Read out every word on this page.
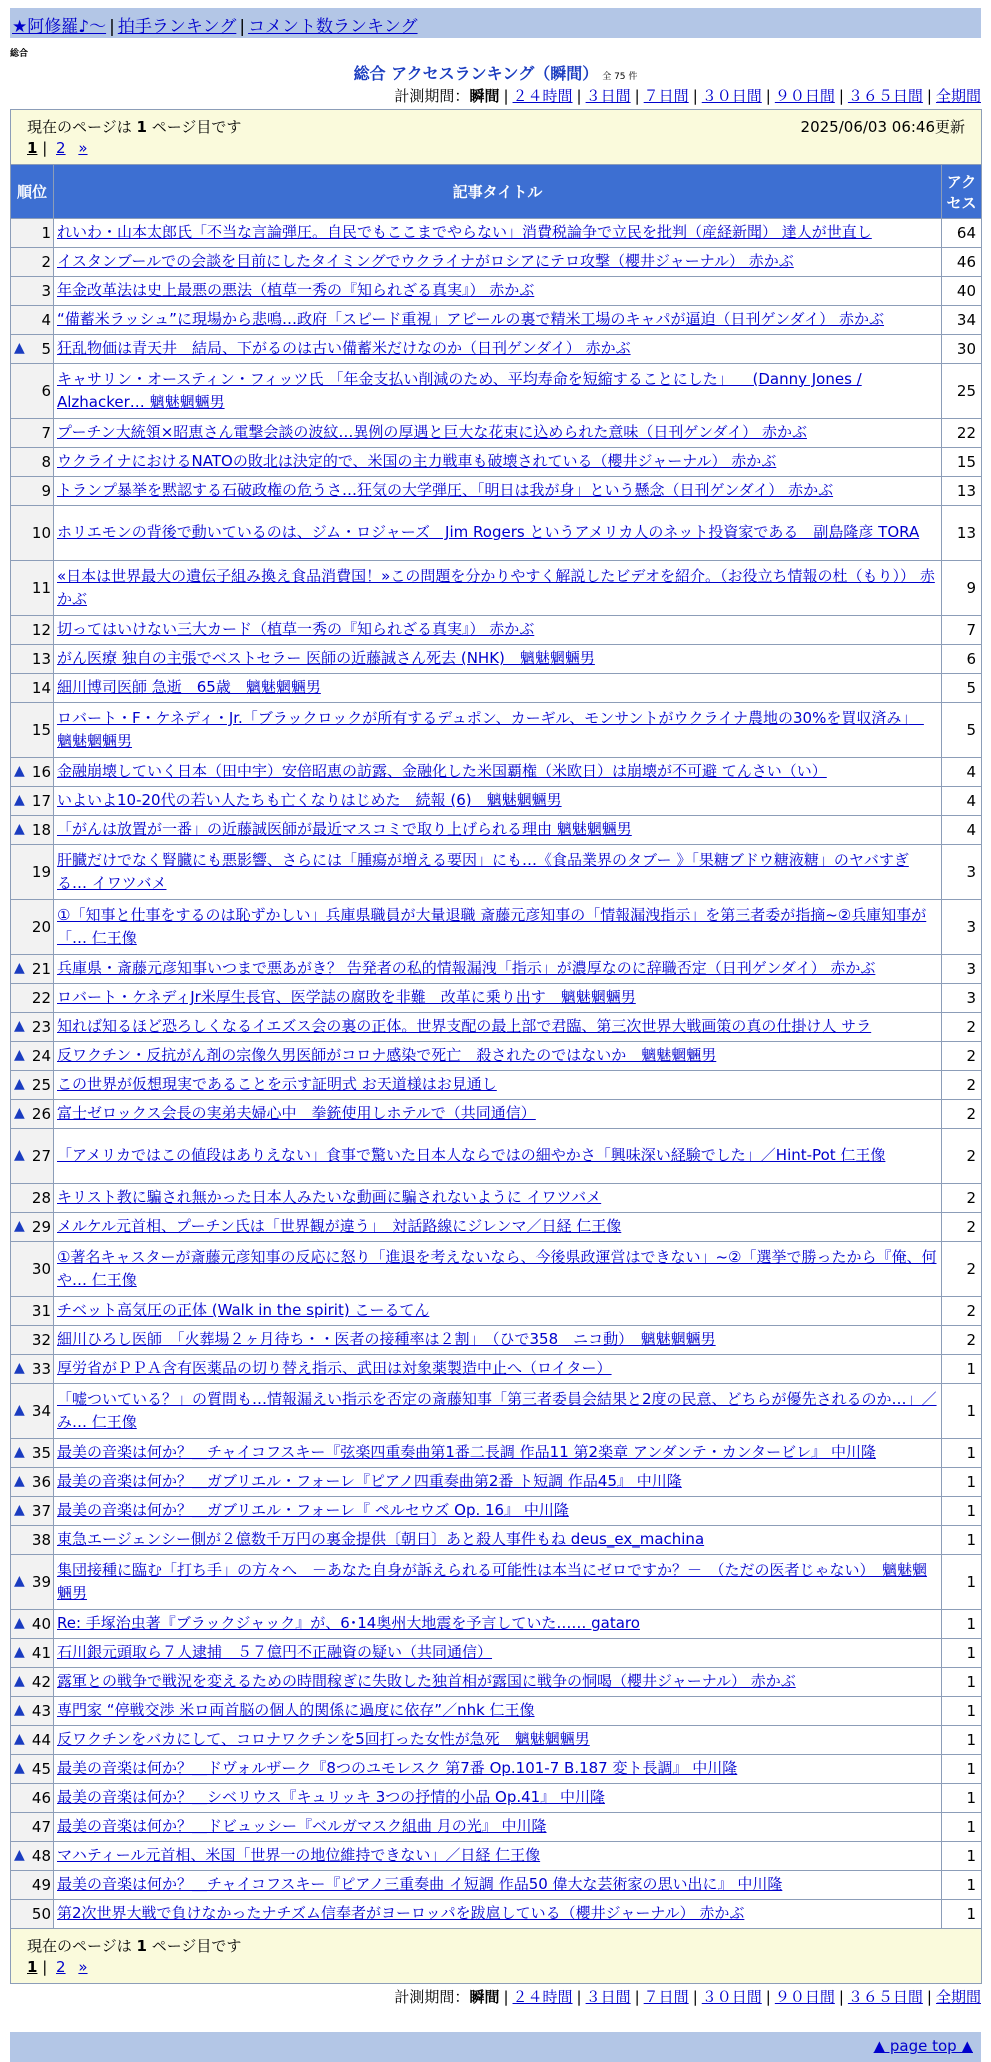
★阿修羅♪～ | 拍手ランキング | コメント数ランキング
総合
総合 アクセスランキング（瞬間） 全 75 件
計測期間：瞬間 | ２４時間 | ３日間 | ７日間 | ３０日間 | ９０日間 | ３６５日間 | 全期間
現在のページは 1 ページ目です 2025/06/03 06:46更新
1 | 2 »		

順位	記事タイトル	アクセス
1	れいわ・山本太郎氏「不当な言論弾圧。自民でもここまでやらない」消費税論争で立民を批判（産経新聞） 達人が世直し	64
2	イスタンブールでの会談を目前にしたタイミングでウクライナがロシアにテロ攻撃（櫻井ジャーナル） 赤かぶ	46
3	年金改革法は史上最悪の悪法（植草一秀の『知られざる真実』） 赤かぶ	40
4	“備蓄米ラッシュ”に現場から悲鳴…政府「スピード重視」アピールの裏で精米工場のキャパが逼迫（日刊ゲンダイ） 赤かぶ	34

▲ 5	狂乱物価は青天井　結局、下がるのは古い備蓄米だけなのか（日刊ゲンダイ） 赤かぶ	30
6	キャサリン・オースティン・フィッツ氏 「年金支払い削減のため、平均寿命を短縮することにした」 　(Danny Jones / Alzhacker… 魑魅魍魎男	25
7	プーチン大統領×昭恵さん電撃会談の波紋…異例の厚遇と巨大な花束に込められた意味（日刊ゲンダイ） 赤かぶ	22
8	ウクライナにおけるNATOの敗北は決定的で、米国の主力戦車も破壊されている（櫻井ジャーナル） 赤かぶ	15
9	トランプ暴挙を黙認する石破政権の危うさ…狂気の大学弾圧、「明日は我が身」という懸念（日刊ゲンダイ） 赤かぶ	13
10	ホリエモンの背後で動いているのは、ジム・ロジャーズ　Jim Rogers というアメリカ人のネット投資家である　副島隆彦 TORA	13
11	«日本は世界最大の遺伝子組み換え食品消費国！»この問題を分かりやすく解説したビデオを紹介。（お役立ち情報の杜（もり）） 赤かぶ	9
12	切ってはいけない三大カード（植草一秀の『知られざる真実』） 赤かぶ	7
13	がん医療 独自の主張でベストセラー 医師の近藤誠さん死去 (NHK)　魑魅魍魎男	6
14	細川博司医師 急逝　65歳　魑魅魍魎男	5
15	ロバート・F・ケネディ・Jr.「ブラックロックが所有するデュポン、カーギル、モンサントがウクライナ農地の30%を買収済み」　魑魅魍魎男	5

▲ 16	金融崩壊していく日本（田中宇）安倍昭恵の訪露、金融化した米国覇権（米欧日）は崩壊が不可避 てんさい（い）	4

▲ 17	いよいよ10-20代の若い人たちも亡くなりはじめた　続報 (6)　魑魅魍魎男	4

▲ 18	「がんは放置が一番」の近藤誠医師が最近マスコミで取り上げられる理由 魑魅魍魎男	4
19	肝臓だけでなく腎臓にも悪影響、さらには「腫瘍が増える要因」にも…《食品業界のタブー 》「果糖ブドウ糖液糖」のヤバすぎる… イワツバメ	3
20	①「知事と仕事をするのは恥ずかしい」兵庫県職員が大量退職 斎藤元彦知事の「情報漏洩指示」を第三者委が指摘~②兵庫知事が「… 仁王像	3

▲ 21	兵庫県・斎藤元彦知事いつまで悪あがき？ 告発者の私的情報漏洩「指示」が濃厚なのに辞職否定（日刊ゲンダイ） 赤かぶ	3
22	ロバート・ケネディJr米厚生長官、医学誌の腐敗を非難　改革に乗り出す　魑魅魍魎男	3

▲ 23	知れば知るほど恐ろしくなるイエズス会の裏の正体。世界支配の最上部で君臨、第三次世界大戦画策の真の仕掛け人 サラ	2

▲ 24	反ワクチン・反抗がん剤の宗像久男医師がコロナ感染で死亡　殺されたのではないか　魑魅魍魎男	2

▲ 25	この世界が仮想現実であることを示す証明式 お天道様はお見通し	2

▲ 26	富士ゼロックス会長の実弟夫婦心中　拳銃使用しホテルで（共同通信）	2

▲ 27	「アメリカではこの値段はありえない」食事で驚いた日本人ならではの細やかさ「興味深い経験でした」／Hint-Pot 仁王像	2
28	キリスト教に騙され無かった日本人みたいな動画に騙されないように イワツバメ	2

▲ 29	メルケル元首相、プーチン氏は「世界観が違う」　対話路線にジレンマ／日経 仁王像	2
30	①著名キャスターが斎藤元彦知事の反応に怒り「進退を考えないなら、今後県政運営はできない」~②「選挙で勝ったから『俺、何や… 仁王像	2
31	チベット高気圧の正体 (Walk in the spirit) こーるてん	2
32	細川ひろし医師　「火葬場２ヶ月待ち・・医者の接種率は２割」　（ひで358　ニコ動）　魑魅魍魎男	2

▲ 33	厚労省がＰＰＡ含有医薬品の切り替え指示、武田は対象薬製造中止へ（ロイター）	1

▲ 34	「嘘ついている？」の質問も…情報漏えい指示を否定の斎藤知事「第三者委員会結果と2度の民意、どちらが優先されるのか…」／み… 仁王像	1

▲ 35	最美の音楽は何か？＿チャイコフスキー『弦楽四重奏曲第1番二長調 作品11 第2楽章 アンダンテ・カンタービレ』 中川隆	1

▲ 36	最美の音楽は何か？＿ガブリエル・フォーレ『ピアノ四重奏曲第2番 ト短調 作品45』 中川隆	1

▲ 37	最美の音楽は何か？＿ガブリエル・フォーレ『 ペルセウズ Op. 16』 中川隆	1
38	東急エージェンシー側が２億数千万円の裏金提供〔朝日〕あと殺人事件もね deus_ex_machina	1

▲ 39	集団接種に臨む「打ち手」の方々へ　－あなた自身が訴えられる可能性は本当にゼロですか？－　（ただの医者じゃない）　魑魅魍魎男	1

▲ 40	Re: 手塚治虫著『ブラックジャック』が、6･14奥州大地震を予言していた…… gataro	1

▲ 41	石川銀元頭取ら７人逮捕　５７億円不正融資の疑い（共同通信）	1

▲ 42	露軍との戦争で戦況を変えるための時間稼ぎに失敗した独首相が露国に戦争の恫喝（櫻井ジャーナル） 赤かぶ	1

▲ 43	専門家 “停戦交渉 米ロ両首脳の個人的関係に過度に依存”／nhk 仁王像	1

▲ 44	反ワクチンをバカにして、コロナワクチンを5回打った女性が急死　魑魅魍魎男	1

▲ 45	最美の音楽は何か？＿ドヴォルザーク『8つのユモレスク 第7番 Op.101-7 B.187 変ト長調』 中川隆	1
46	最美の音楽は何か？＿シベリウス『キュリッキ 3つの抒情的小品 Op.41』 中川隆	1
47	最美の音楽は何か？＿ドビュッシー『ベルガマスク組曲 月の光』 中川隆	1

▲ 48	マハティール元首相、米国「世界一の地位維持できない」／日経 仁王像	1
49	最美の音楽は何か？＿チャイコフスキー『ピアノ三重奏曲 イ短調 作品50 偉大な芸術家の思い出に』 中川隆	1
50	第2次世界大戦で負けなかったナチズム信奉者がヨーロッパを跋扈している（櫻井ジャーナル） 赤かぶ	1

現在のページは 1 ページ目です
1 | 2 »		
計測期間：瞬間 | ２４時間 | ３日間 | ７日間 | ３０日間 | ９０日間 | ３６５日間 | 全期間
▲ page top ▲
